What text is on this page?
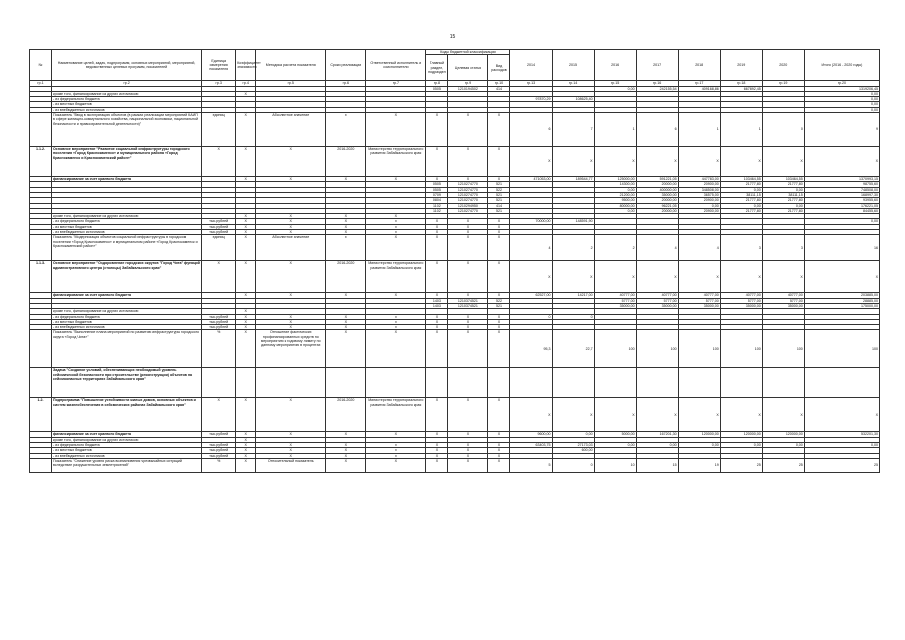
15
№	Наименование целей, задач, подпрограмм, основных мероприятий, мероприятий, ведомственных целевых программ, показателей	Единица измерения показателя	Коэффициент значимости	Методика расчета показателя	Сроки реализации	Ответственный исполнитель и соисполнители	Коды бюджетной классификации			2014	2015	2016	2017	2018	2019	2020	Итого (2016 - 2020 годы)
							Главный раздел, подраздел	Целевая статья	Вид расходов								
гр.1	гр.2	гр.3	гр.4	гр.5	гр.6	гр.7	гр.8	гр.9	гр.10	гр.13	гр.14	гр.15	гр.16	гр.17	гр.18	гр.19	гр.20
							0505	1210194502	414			0,00	242155,54	409168,86	667892,45		1319206,45
	кроме того, финансирование из других источников:		X														0,00
	- из федерального бюджета									97870,29	108625,40						0,00
	- из местных бюджетов																0,00
	- из внебюджетных источников																0,00
	Показатель "Ввод в эксплуатацию объектов (в рамках реализации мероприятий КАИП в сфере жилищно-коммунального хозяйства, национальной экономики, национальной безопасности и правоохранительной деятельности)"	единиц	X	Абсолютное значение	x	X	X	X	X	6	7	1	6	1	1	0	9
1.1.2.	Основное мероприятие "Развитие социальной инфраструктуры городского поселения «Город Краснокаменск» и муниципального района «Город Краснокаменск и Краснокаменский район»"	X	X	X	2016-2020	Министерство территориального развития Забайкальского края	X	X	X	X	X	X	X	X	X	X	X
	финансирование за счет краевого бюджета		X	X	X	X	X	X	X	471053,00	189544,77	125000,00	591221,05	447783,00	103464,55	103464,55	1370993,15
							0505	1210274770	521			14300,00	20000,00	20900,00	21777,80	21777,80	98755,60
							0505	1210274770	522			0,00	400000,00	348508,00	0,00	0,00	748508,00
							0709	1210274770	521			21200,00	35000,00	36575,00	38111,15	38111,15	168997,30
							0804	1210274770	521			9500,00	20000,00	20900,00	21777,80	21777,80	93955,60
							1102	1210294950	414			80000,00	96221,05	0,00	0,00	0,00	176221,05
							1102	1210274770	521			0,00	20000,00	20900,00	21777,80	21777,80	84455,60
	кроме того, финансирование из других источников:		X	X	X	X											
	- из федерального бюджета	тыс.рублей	X	X	X	x	X	X	X	70000,00	148591,90						0,00
	- из местных бюджетов	тыс.рублей	X	X	X	x	X	X	X								
	- из внебюджетных источников	тыс.рублей	X	X	X	x	X	X	X								
	Показатель "Модернизация объектов социальной инфраструктуры в городском поселении «Город Краснокаменск» и муниципальном районе «Город Краснокаменск и Краснокаменский район»"	единиц	X	Абсолютное значение	x	X	X	X	X	4	2	2	4	4	3	3	16
1.1.3.	Основное мероприятие "Оздоровление городских округов "Город Чита" функций административного центра (столицы) Забайкальского края"	X	X	X	2016-2020	Министерство территориального развития Забайкальского края	X	X	X	X	X	X	X	X	X	X	X
	финансирование за счет краевого бюджета		X	X	X	X	X	X	X	62527,00	14217,00	40777,00	40777,00	40777,00	40777,00	40777,00	203885,00
							1403	1210374521	522			5777,00	5777,00	5777,00	5777,00	5777,00	28885,00
							1403	1210374521	521			35000,00	35000,00	35000,00	35000,00	35000,00	175000,00
	кроме того, финансирование из других источников:		X														
	- из федерального бюджета	тыс.рублей	X	X	X	x	X	X	X	0	0						
	- из местных бюджетов	тыс.рублей	X	X	X	x	X	X	X								
	- из внебюджетных источников	тыс.рублей	X	X	X	x	X	X	X								
	Показатель "Выполнение плана мероприятий по развитию инфраструктуры городского округа «Город Чита»"	%	X	Отношение фактических профинансированных средств по мероприятию к годовому лимиту по данному мероприятию в процентах	X	X	X	X	X	95,3	22,7	100	100	100	100	100	100
	Задача "Создание условий, обеспечивающих необходимый уровень сейсмической безопасности при строительстве (реконструкции) объектов на сейсмоопасных территориях Забайкальского края"																
1.2.	Подпрограмма "Повышение устойчивости жилых домов, основных объектов и систем жизнеобеспечения в сейсмических районах Забайкальского края"	X	X	X	2016-2020	Министерство территориального развития Забайкальского края	X	X	X	X	X	X	X	X	X	X	X
	финансирование за счет краевого бюджета	тыс.рублей	X	X	X	X	X	X	X	9600,00	0,00	5000,00	167201,30	120000,00	120000,00	120000,00	532201,30
	кроме того, финансирование из других источников:		X														
	- из федерального бюджета	тыс.рублей	X	X	X	x	X	X	X	63403,75	27173,03	0,00	0,00	0,00	0,00	0,00	0,00
	- из местных бюджетов	тыс.рублей	X	X	X	x	X	X	X		600,00						
	- из внебюджетных источников	тыс.рублей	X	X	X	x	X	X	X								
	Показатель "Снижение уровня риска возникновения чрезвычайных ситуаций вследствие разрушительных землетрясений"	%	X	Относительный показатель	X	X	X	X	X	5	0	10	15	19	25	25	25
